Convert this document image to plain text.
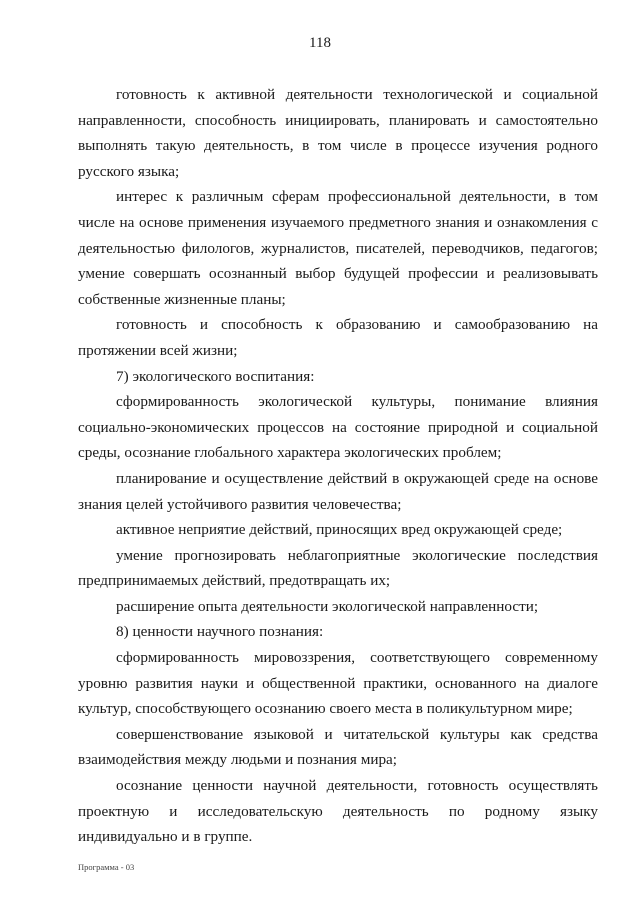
118

готовность к активной деятельности технологической и социальной направленности, способность инициировать, планировать и самостоятельно выполнять такую деятельность, в том числе в процессе изучения родного русского языка;

интерес к различным сферам профессиональной деятельности, в том числе на основе применения изучаемого предметного знания и ознакомления с деятельностью филологов, журналистов, писателей, переводчиков, педагогов; умение совершать осознанный выбор будущей профессии и реализовывать собственные жизненные планы;

готовность и способность к образованию и самообразованию на протяжении всей жизни;

7) экологического воспитания:

сформированность экологической культуры, понимание влияния социально-экономических процессов на состояние природной и социальной среды, осознание глобального характера экологических проблем;

планирование и осуществление действий в окружающей среде на основе знания целей устойчивого развития человечества;

активное неприятие действий, приносящих вред окружающей среде;

умение прогнозировать неблагоприятные экологические последствия предпринимаемых действий, предотвращать их;

расширение опыта деятельности экологической направленности;

8) ценности научного познания:

сформированность мировоззрения, соответствующего современному уровню развития науки и общественной практики, основанного на диалоге культур, способствующего осознанию своего места в поликультурном мире;

совершенствование языковой и читательской культуры как средства взаимодействия между людьми и познания мира;

осознание ценности научной деятельности, готовность осуществлять проектную и исследовательскую деятельность по родному языку индивидуально и в группе.

Программа - 03
